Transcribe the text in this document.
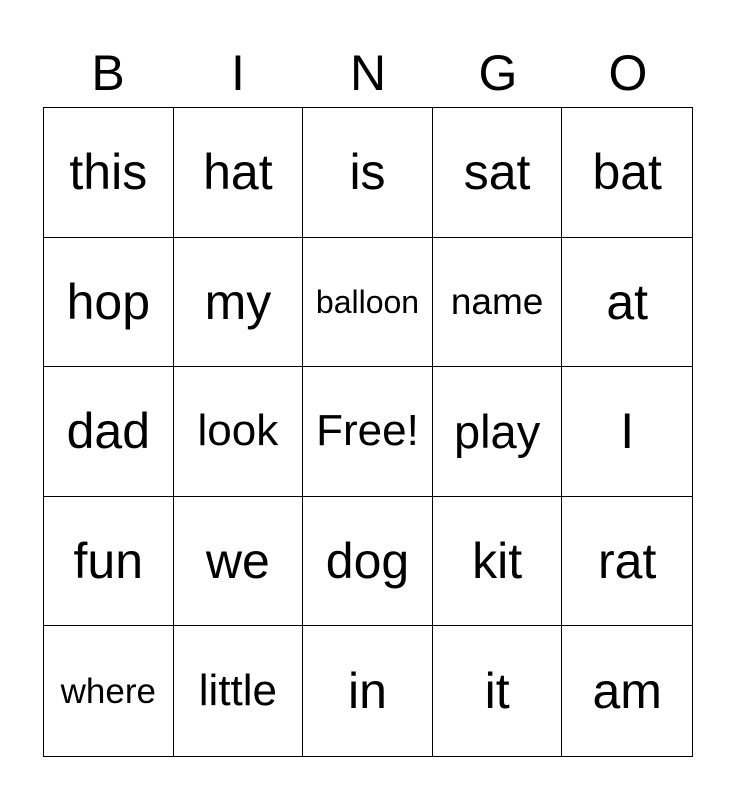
B	I	N	G	O
this hat is sat bat
hop my balloon name at
dad look Free! play I
fun we dog kit rat
where little in it am
